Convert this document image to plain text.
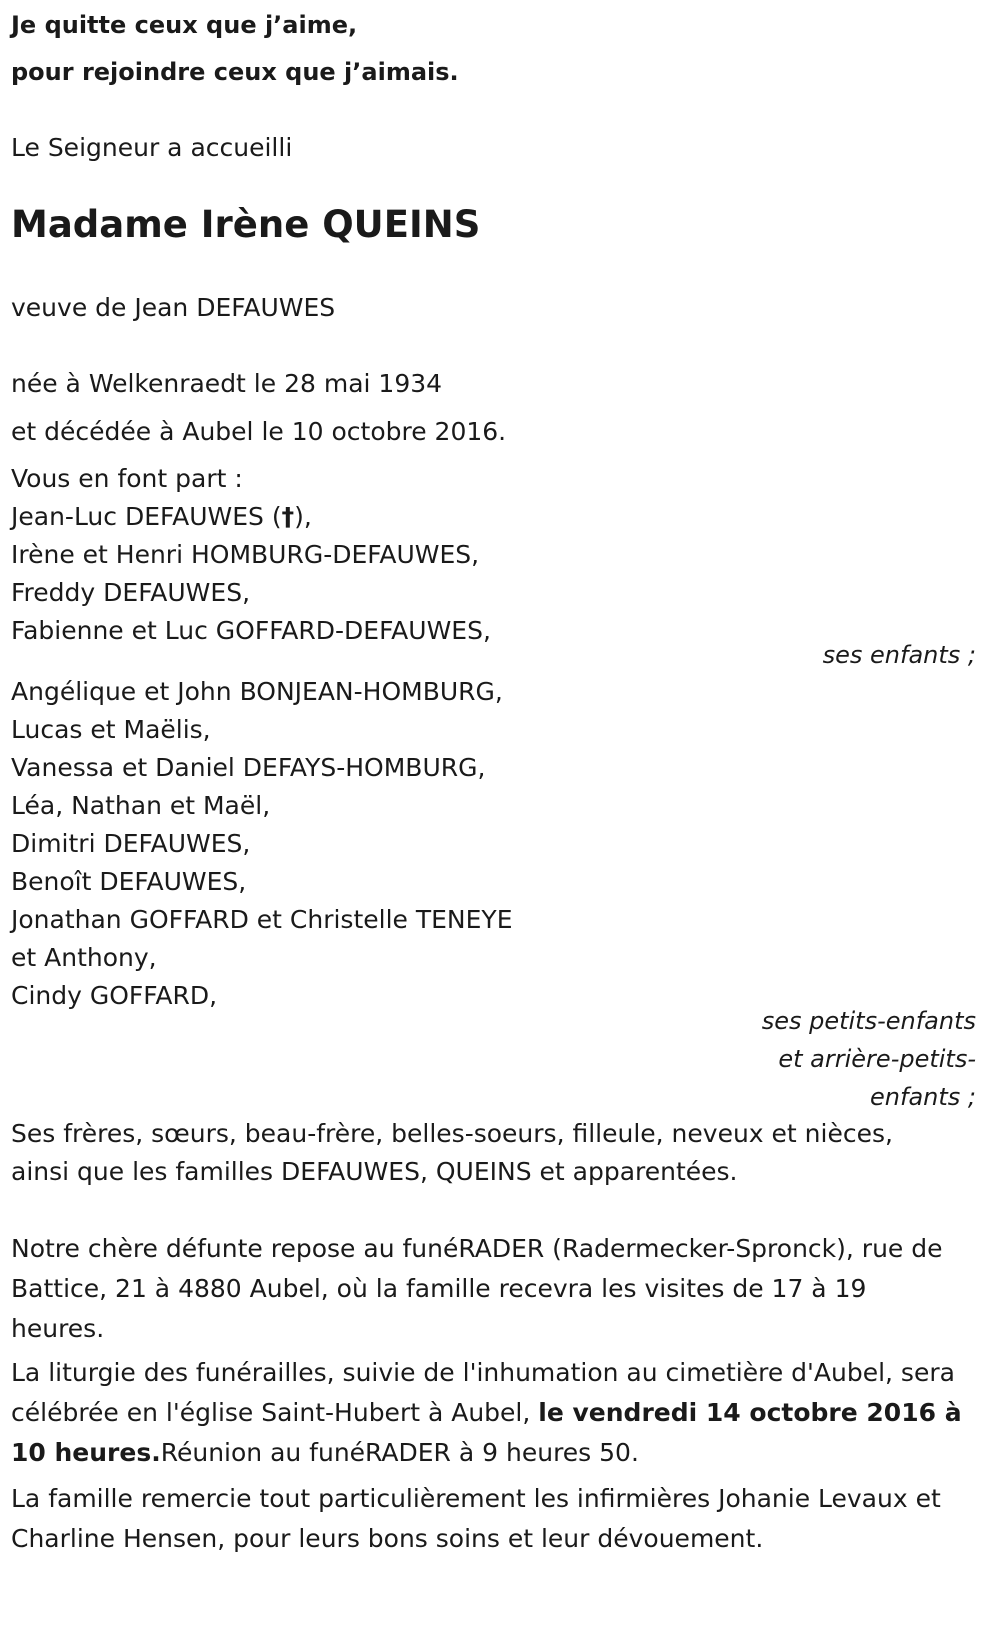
Je quitte ceux que j’aime,
pour rejoindre ceux que j’aimais.
Le Seigneur a accueilli
Madame Irène QUEINS
veuve de Jean DEFAUWES
née à Welkenraedt le 28 mai 1934
et décédée à Aubel le 10 octobre 2016.
Vous en font part :
Jean-Luc DEFAUWES (†),
Irène et Henri HOMBURG-DEFAUWES,
Freddy DEFAUWES,
Fabienne et Luc GOFFARD-DEFAUWES,
ses enfants ;
Angélique et John BONJEAN-HOMBURG,
Lucas et Maëlis,
Vanessa et Daniel DEFAYS-HOMBURG,
Léa, Nathan et Maël,
Dimitri DEFAUWES,
Benoît DEFAUWES,
Jonathan GOFFARD et Christelle TENEYE
et Anthony,
Cindy GOFFARD,
ses petits-enfants
et arrière-petits-
enfants ;
Ses frères, sœurs, beau-frère, belles-soeurs, filleule, neveux et nièces,
ainsi que les familles DEFAUWES, QUEINS et apparentées.
Notre chère défunte repose au funéRADER (Radermecker-Spronck), rue de Battice, 21 à 4880 Aubel, où la famille recevra les visites de 17 à 19 heures.
La liturgie des funérailles, suivie de l'inhumation au cimetière d'Aubel, sera célébrée en l'église Saint-Hubert à Aubel, le vendredi 14 octobre 2016 à 10 heures.Réunion au funéRADER à 9 heures 50.
La famille remercie tout particulièrement les infirmières Johanie Levaux et Charline Hensen, pour leurs bons soins et leur dévouement.
